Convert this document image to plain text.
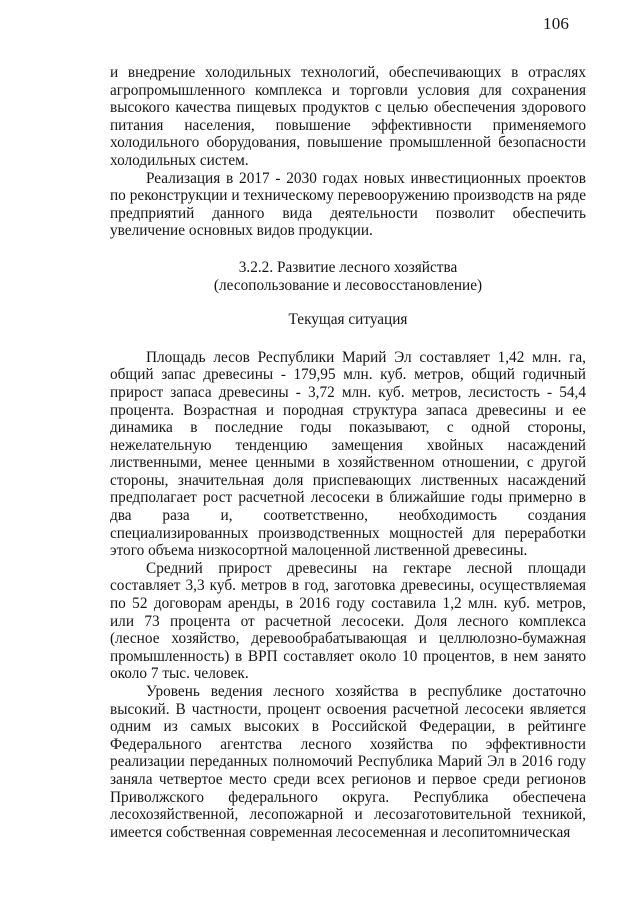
106

и внедрение холодильных технологий, обеспечивающих в отраслях агропромышленного комплекса и торговли условия для сохранения высокого качества пищевых продуктов с целью обеспечения здорового питания населения, повышение эффективности применяемого холодильного оборудования, повышение промышленной безопасности холодильных систем.

Реализация в 2017 - 2030 годах новых инвестиционных проектов по реконструкции и техническому перевооружению производств на ряде предприятий данного вида деятельности позволит обеспечить увеличение основных видов продукции.

3.2.2. Развитие лесного хозяйства

(лесопользование и лесовосстановление)

Текущая ситуация

Площадь лесов Республики Марий Эл составляет 1,42 млн. га, общий запас древесины - 179,95 млн. куб. метров, общий годичный прирост запаса древесины - 3,72 млн. куб. метров, лесистость - 54,4 процента. Возрастная и породная структура запаса древесины и ее динамика в последние годы показывают, с одной стороны, нежелательную тенденцию замещения хвойных насаждений лиственными, менее ценными в хозяйственном отношении, с другой стороны, значительная доля приспевающих лиственных насаждений предполагает рост расчетной лесосеки в ближайшие годы примерно в два раза и, соответственно, необходимость создания специализированных производственных мощностей для переработки этого объема низкосортной малоценной лиственной древесины.

Средний прирост древесины на гектаре лесной площади составляет 3,3 куб. метров в год, заготовка древесины, осуществляемая по 52 договорам аренды, в 2016 году составила 1,2 млн. куб. метров, или 73 процента от расчетной лесосеки. Доля лесного комплекса (лесное хозяйство, деревообрабатывающая и целлюлозно-бумажная промышленность) в ВРП составляет около 10 процентов, в нем занято около 7 тыс. человек.

Уровень ведения лесного хозяйства в республике достаточно высокий. В частности, процент освоения расчетной лесосеки является одним из самых высоких в Российской Федерации, в рейтинге Федерального агентства лесного хозяйства по эффективности реализации переданных полномочий Республика Марий Эл в 2016 году заняла четвертое место среди всех регионов и первое среди регионов Приволжского федерального округа. Республика обеспечена лесохозяйственной, лесопожарной и лесозаготовительной техникой, имеется собственная современная лесосеменная и лесопитомническая
